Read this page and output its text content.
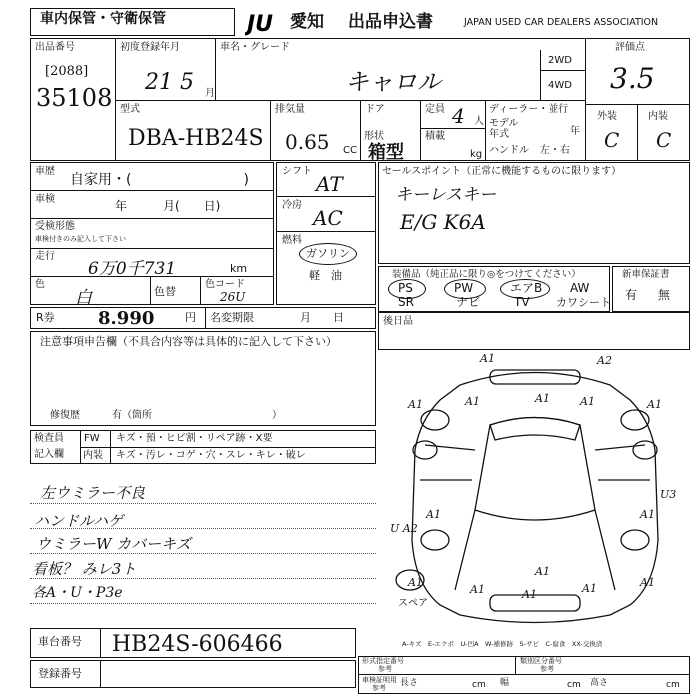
車内保管・守衛保管	JU 愛知 出品申込書	JAPAN USED CAR DEALERS ASSOCIATION
出品番号
[2088]
35108
初度登録年月
21 5 月
車名・グレード
キャロル
2WD
4WD
評価点
3.5
外装	内装
C C
型式
DBA-HB24S
排気量
0.65 CC
ドア	定員 4 人
形状
箱型
積載
kg
ディーラー・並行
モデル年式	年
ハンドル 左・右
車歴
自家用・(　　　　　　　　)
車検	年　　　月(　　日)
受検形態
車検付きのみ記入して下さい
走行
6万0千731	km
色
白	色替
色コード
26U
シフト
AT
冷房
AC
燃料
ガソリン
軽　油
セールスポイント（正常に機能するものに限ります）
キーレスキー
E/G K6A
装備品（純正品に限り◎をつけてください）
PS	PW	エアB AW
SR	ナビ	TV カワシート
新車保証書
有 無
R券 8.990	円 名変期限	月　　日	後日品
注意事項申告欄（不具合内容等は具体的に記入して下さい）
修復歴	有（箇所　　　　　　　　　　　　）
検査員
記入欄
FW キズ・預・ヒビ割・リペア跡・X要
内装 キズ・汚レ・コゲ・穴・スレ・キレ・破レ
左ウミラー不良
ハンドルハゲ
ウミラーW カバーキズ
看板？ みレ3ト
各A・U・P3e
スペア
A1	A2
A1	A1	A1	A1	A1
U3
U A2
A1	A1
A1
A1	A1	A1	A1
A1
A-キズ　E-エクボ　U-凹A　W-補修跡　S-サビ　C-腐食　XX-交換済
車台番号 HB24S-606466
登録番号
形式指定番号
参考
類別区分番号
参考
車検証明用
参考 長さ	cm 幅	cm 高さ	cm
